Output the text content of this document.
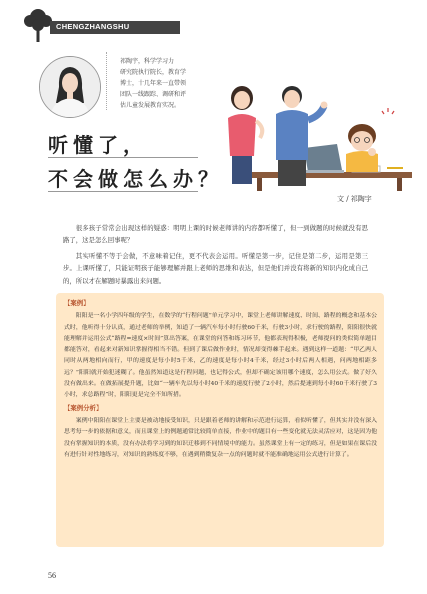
CHENGZHANGSHU
祁陶宇，科学学习力
研究院执行院长，教育学
博士，十几年来一直带领
团队一线跟踪、调研和评
估儿童发展教育实况。
听懂了，
不会做怎么办？
文 / 祁陶宇

很多孩子常常会出现这样的疑惑：明明上课的时候老师讲的内容都听懂了，但一到做题的时候就没有思路了，这是怎么回事呢？

其实听懂不等于会做，不意味着记住，更不代表会运用。听懂是第一步，记住是第二步，运用是第三步。上课听懂了，只能证明孩子能够理解并跟上老师的思维和表达，但是他们并没有将新的知识内化成自己的，所以才在解题时暴露出来问题。

【案例】

阳阳是一名小学四年级的学生，在数学的“行程问题”单元学习中，课堂上老师讲解速度、时间、路程的概念和基本公式时，他听得十分认真，通过老师的举例，知道了一辆汽车每小时行驶60千米，行驶3小时，求行驶的路程，阳阳很快就能理解并运用公式“路程=速度×时间”算出答案，在课堂的问答和练习环节，他都表现得积极，老师提问的类似简单题目都能答对，看起来对新知识掌握得相当不错。但到了课后做作业时，情况却变得棘手起来。遇到这样一道题：“甲乙两人同时从两地相向而行，甲的速度是每小时5千米，乙的速度是每小时4千米，经过3小时后两人相遇，问两地相距多远？”阳阳就开始犯迷糊了。他虽然知道这是行程问题，也记得公式，但却不确定该用哪个速度，怎么用公式。做了好久没有做出来。在做拓展提升题，比如“一辆车先以每小时40千米的速度行驶了2小时，然后提速到每小时60千米行驶了3小时，求总路程”时，阳阳更是完全不知所措。

【案例分析】

案例中阳阳在课堂上主要是被动地接受知识，只是跟着老师的讲解和示范进行运算，看似听懂了，但其实并没有深入思考每一步的依据和意义，而且课堂上的例题通常比较简单直接，作业中的题目有一些变化就无法灵活应对，这是因为他没有掌握知识的本质，没有办法将学习到的知识迁移到不同情境中的能力。虽然课堂上有一定的练习，但是如果在课后没有进行针对性地练习，对知识的熟练度不够，在遇到稍微复杂一点的问题时就不能准确地运用公式进行计算了。

56
